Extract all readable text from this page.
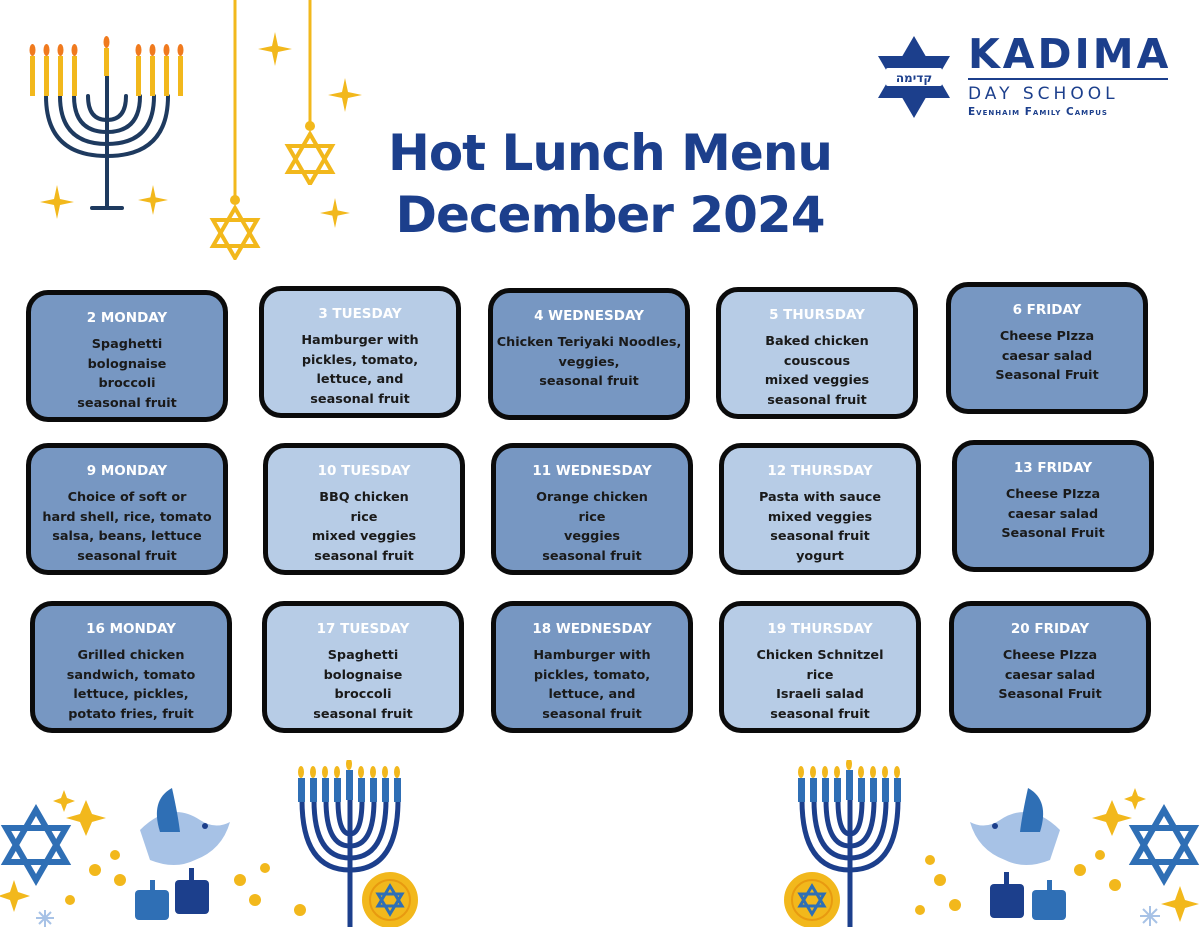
Hot Lunch Menu
December 2024
קדימה KADIMA
DAY SCHOOL
Evenhaim Family Campus
2 MONDAY
Spaghetti
bolognaise
broccoli
seasonal fruit
3 TUESDAY
Hamburger with
pickles, tomato,
lettuce, and
seasonal fruit
4 WEDNESDAY
Chicken Teriyaki Noodles,
veggies,
seasonal fruit
5 THURSDAY
Baked chicken
couscous
mixed veggies
seasonal fruit
6 FRIDAY
Cheese PIzza
caesar salad
Seasonal Fruit
9 MONDAY
Choice of soft or
hard shell, rice, tomato
salsa, beans, lettuce
seasonal fruit
10 TUESDAY
BBQ chicken
rice
mixed veggies
seasonal fruit
11 WEDNESDAY
Orange chicken
rice
veggies
seasonal fruit
12 THURSDAY
Pasta with sauce
mixed veggies
seasonal fruit
yogurt
13 FRIDAY
Cheese PIzza
caesar salad
Seasonal Fruit
16 MONDAY
Grilled chicken
sandwich, tomato
lettuce, pickles,
potato fries, fruit
17 TUESDAY
Spaghetti
bolognaise
broccoli
seasonal fruit
18 WEDNESDAY
Hamburger with
pickles, tomato,
lettuce, and
seasonal fruit
19 THURSDAY
Chicken Schnitzel
rice
Israeli salad
seasonal fruit
20 FRIDAY
Cheese PIzza
caesar salad
Seasonal Fruit
